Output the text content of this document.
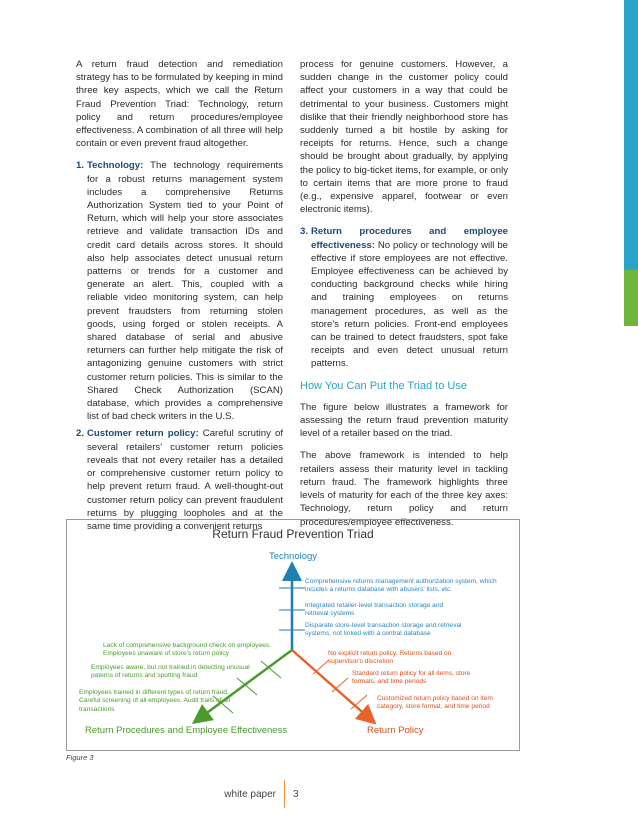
A return fraud detection and remediation strategy has to be formulated by keeping in mind three key aspects, which we call the Return Fraud Prevention Triad: Technology, return policy and return procedures/employee effectiveness. A combination of all three will help contain or even prevent fraud altogether.

1. Technology: The technology requirements for a robust returns management system includes a comprehensive Returns Authorization System tied to your Point of Return, which will help your store associates retrieve and validate transaction IDs and credit card details across stores. It should also help associates detect unusual return patterns or trends for a customer and generate an alert. This, coupled with a reliable video monitoring system, can help prevent fraudsters from returning stolen goods, using forged or stolen receipts. A shared database of serial and abusive returners can further help mitigate the risk of antagonizing genuine customers with strict customer return policies. This is similar to the Shared Check Authorization (SCAN) database, which provides a comprehensive list of bad check writers in the U.S.
2. Customer return policy: Careful scrutiny of several retailers' customer return policies reveals that not every retailer has a detailed or comprehensive customer return policy to help prevent return fraud. A well-thought-out customer return policy can prevent fraudulent returns by plugging loopholes and at the same time providing a convenient returns

process for genuine customers. However, a sudden change in the customer policy could affect your customers in a way that could be detrimental to your business. Customers might dislike that their friendly neighborhood store has suddenly turned a bit hostile by asking for receipts for returns. Hence, such a change should be brought about gradually, by applying the policy to big-ticket items, for example, or only to certain items that are more prone to fraud (e.g., expensive apparel, footwear or even electronic items).

3. Return procedures and employee effectiveness: No policy or technology will be effective if store employees are not effective. Employee effectiveness can be achieved by conducting background checks while hiring and training employees on returns management procedures, as well as the store's return policies. Front-end employees can be trained to detect fraudsters, spot fake receipts and even detect unusual return patterns.
How You Can Put the Triad to Use

The figure below illustrates a framework for assessing the return fraud prevention maturity level of a retailer based on the triad.

The above framework is intended to help retailers assess their maturity level in tackling return fraud. The framework highlights three levels of maturity for each of the three key axes: Technology, return policy and return procedures/employee effectiveness.

Return Fraud Prevention Triad
Technology
Return Procedures and Employee Effectiveness	Return Policy
Comprehensive returns management authorization system, which incudes a returns database with abusers' lists, etc.
Integrated retailer-level transaction storage and retrieval systems
Disparate store-level transaction storage and retrieval systems, not linked with a central database
Lack of comprehensive background check on employees. Employees unaware of store's return policy
Employees aware, but not trained in detecting unusual paterns of returns and spotting fraud
Employees trained in different types of return fraud. Careful screening of all employees. Audit trails of all transactions
No explicit return policy. Returns based on supervisor's discretion
Standard return policy for all items, store formats, and time periods
Customized return policy based on item category, store format, and time period
Figure 3
white paper 3
